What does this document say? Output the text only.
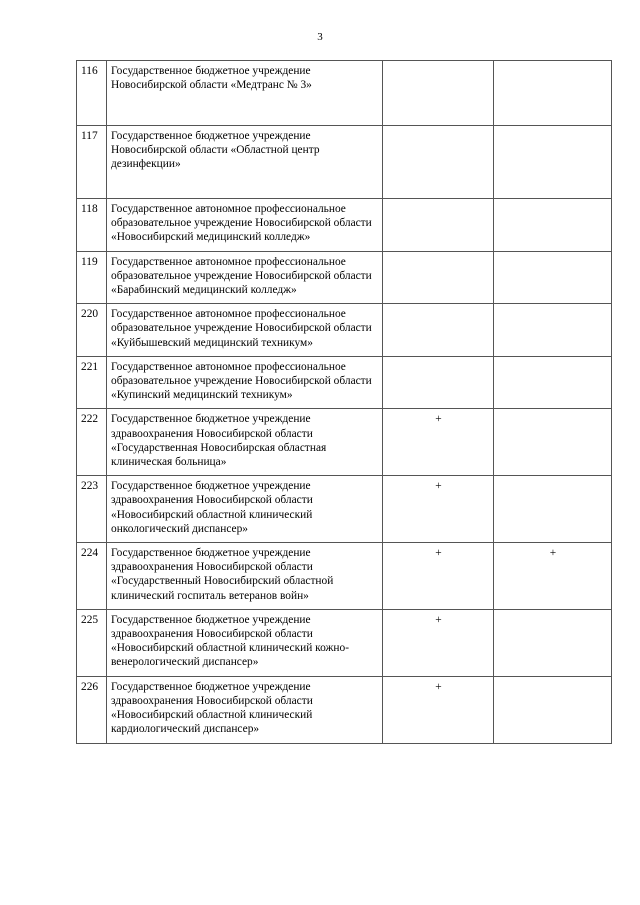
3
116	Государственное бюджетное учреждение Новосибирской области «Медтранс № 3»		
117	Государственное бюджетное учреждение Новосибирской области «Областной центр дезинфекции»		
118	Государственное автономное профессиональное образовательное учреждение Новосибирской области «Новосибирский медицинский колледж»		
119	Государственное автономное профессиональное образовательное учреждение Новосибирской области «Барабинский медицинский колледж»		
220	Государственное автономное профессиональное образовательное учреждение Новосибирской области «Куйбышевский медицинский техникум»		
221	Государственное автономное профессиональное образовательное учреждение Новосибирской области «Купинский медицинский техникум»		
222	Государственное бюджетное учреждение здравоохранения Новосибирской области «Государственная Новосибирская областная клиническая больница»	+	
223	Государственное бюджетное учреждение здравоохранения Новосибирской области «Новосибирский областной клинический онкологический диспансер»	+	
224	Государственное бюджетное учреждение здравоохранения Новосибирской области «Государственный Новосибирский областной клинический госпиталь ветеранов войн»	+	+
225	Государственное бюджетное учреждение здравоохранения Новосибирской области «Новосибирский областной клинический кожно-венерологический диспансер»	+	
226	Государственное бюджетное учреждение здравоохранения Новосибирской области «Новосибирский областной клинический кардиологический диспансер»	+	
